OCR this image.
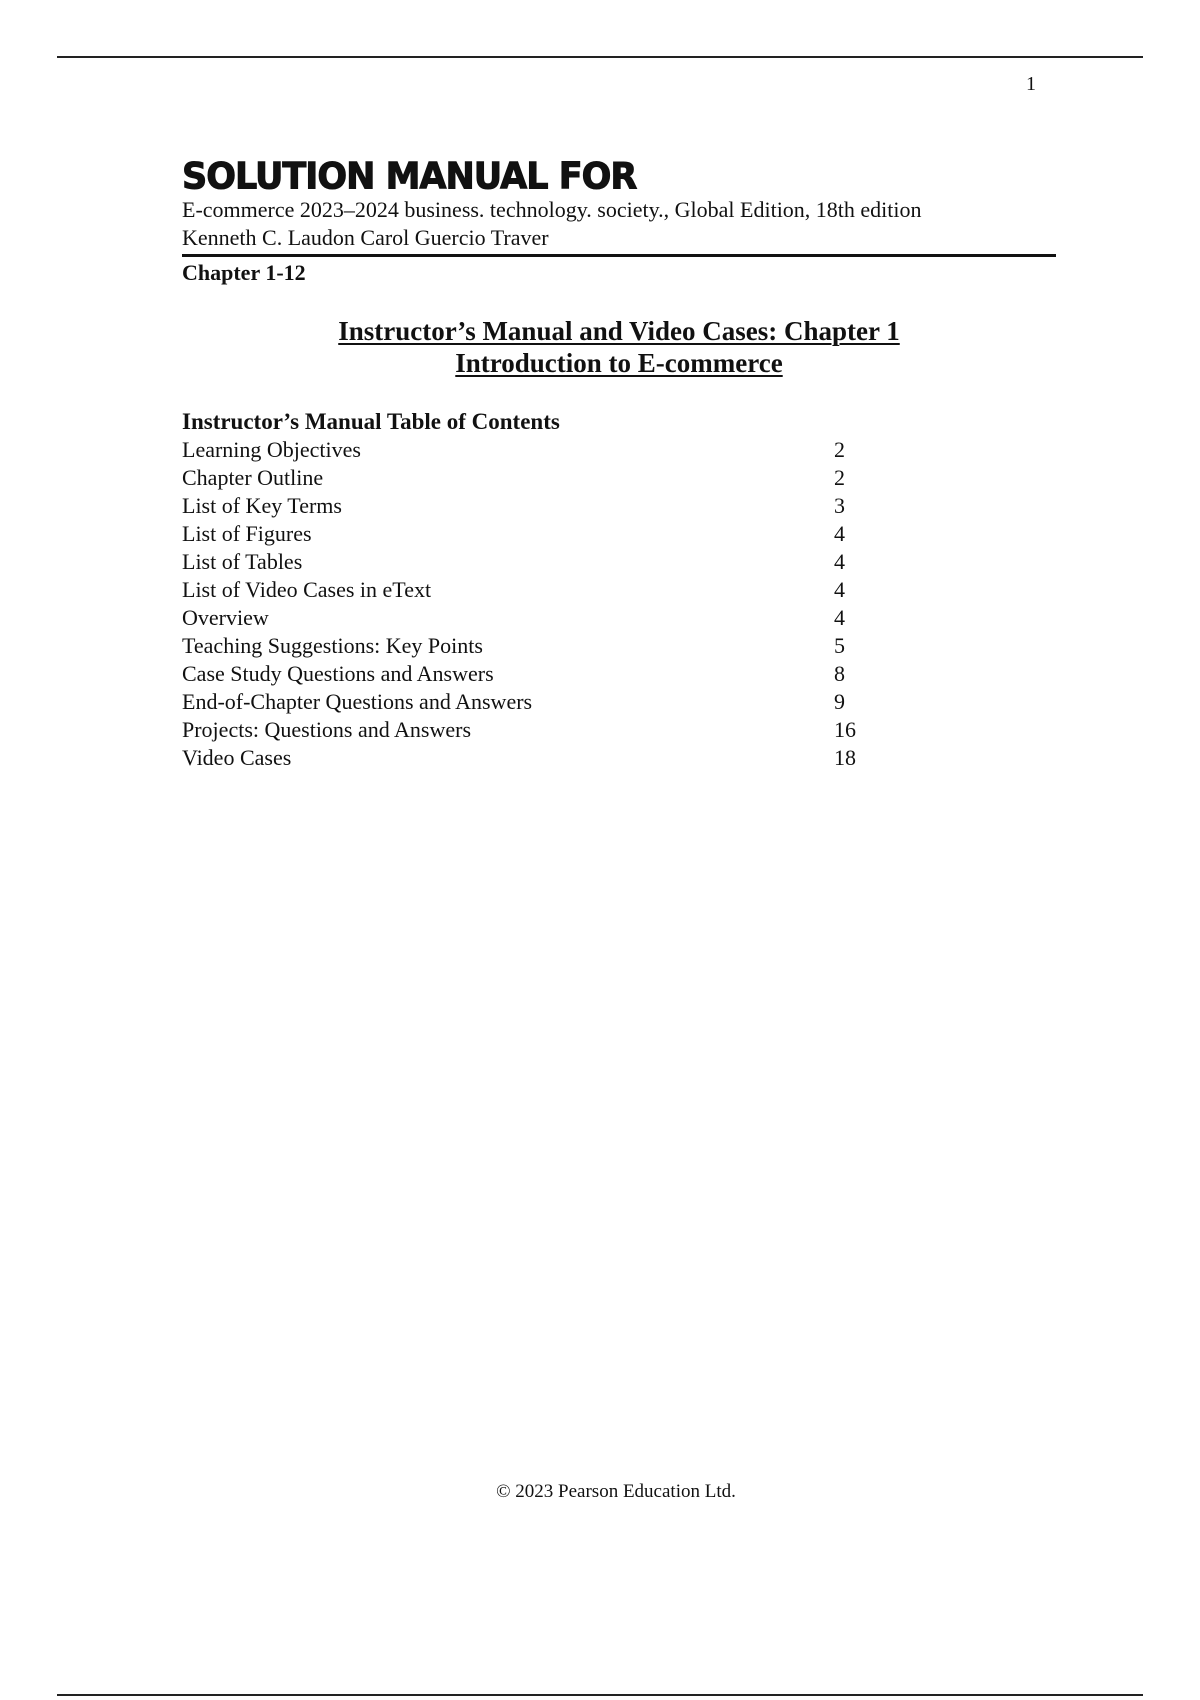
1
SOLUTION MANUAL FOR

E-commerce 2023–2024 business. technology. society., Global Edition, 18th edition

Kenneth C. Laudon Carol Guercio Traver

Chapter 1-12

Instructor’s Manual and Video Cases: Chapter 1
Introduction to E-commerce

Instructor’s Manual Table of Contents

Learning Objectives	2
Chapter Outline	2
List of Key Terms	3
List of Figures	4
List of Tables	4
List of Video Cases in eText	4
Overview	4
Teaching Suggestions: Key Points	5
Case Study Questions and Answers	8
End-of-Chapter Questions and Answers	9
Projects: Questions and Answers	16
Video Cases	18
© 2023 Pearson Education Ltd.
